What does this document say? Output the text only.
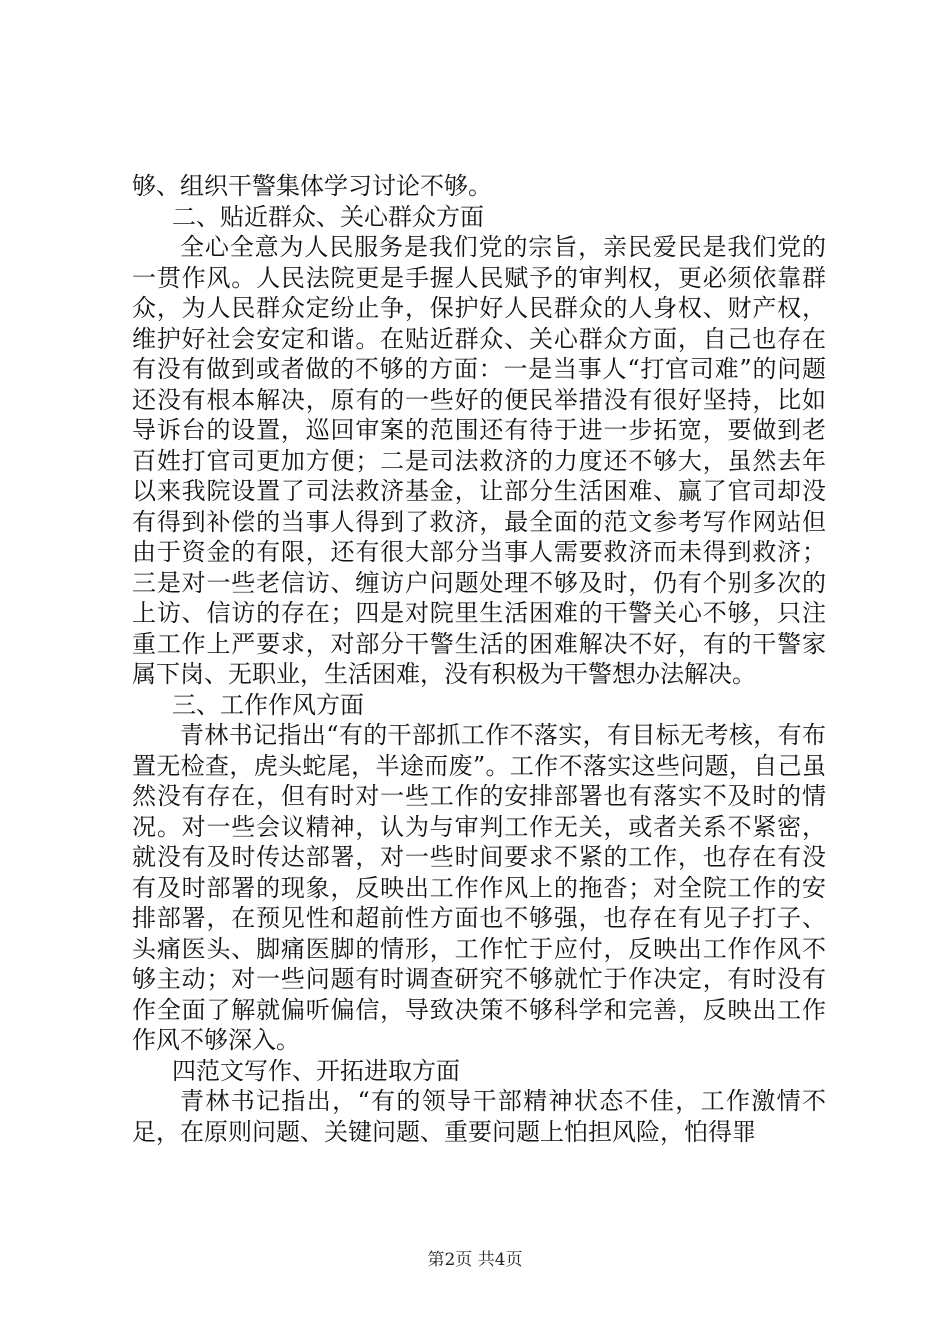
够、组织干警集体学习讨论不够。

二、贴近群众、关心群众方面

全心全意为人民服务是我们党的宗旨，亲民爱民是我们党的一贯作风。人民法院更是手握人民赋予的审判权，更必须依靠群众，为人民群众定纷止争，保护好人民群众的人身权、财产权，维护好社会安定和谐。在贴近群众、关心群众方面，自己也存在有没有做到或者做的不够的方面：一是当事人“打官司难”的问题还没有根本解决，原有的一些好的便民举措没有很好坚持，比如导诉台的设置，巡回审案的范围还有待于进一步拓宽，要做到老百姓打官司更加方便；二是司法救济的力度还不够大，虽然去年以来我院设置了司法救济基金，让部分生活困难、赢了官司却没有得到补偿的当事人得到了救济，最全面的范文参考写作网站但由于资金的有限，还有很大部分当事人需要救济而未得到救济；三是对一些老信访、缠访户问题处理不够及时，仍有个别多次的上访、信访的存在；四是对院里生活困难的干警关心不够，只注重工作上严要求，对部分干警生活的困难解决不好，有的干警家属下岗、无职业，生活困难，没有积极为干警想办法解决。

三、工作作风方面

青林书记指出“有的干部抓工作不落实，有目标无考核，有布置无检查，虎头蛇尾，半途而废”。工作不落实这些问题，自己虽然没有存在，但有时对一些工作的安排部署也有落实不及时的情况。对一些会议精神，认为与审判工作无关，或者关系不紧密，就没有及时传达部署，对一些时间要求不紧的工作，也存在有没有及时部署的现象，反映出工作作风上的拖沓；对全院工作的安排部署，在预见性和超前性方面也不够强，也存在有见子打子、头痛医头、脚痛医脚的情形，工作忙于应付，反映出工作作风不够主动；对一些问题有时调查研究不够就忙于作决定，有时没有作全面了解就偏听偏信，导致决策不够科学和完善，反映出工作作风不够深入。

四范文写作、开拓进取方面

青林书记指出，“有的领导干部精神状态不佳，工作激情不足，在原则问题、关键问题、重要问题上怕担风险，怕得罪

第2页 共4页
